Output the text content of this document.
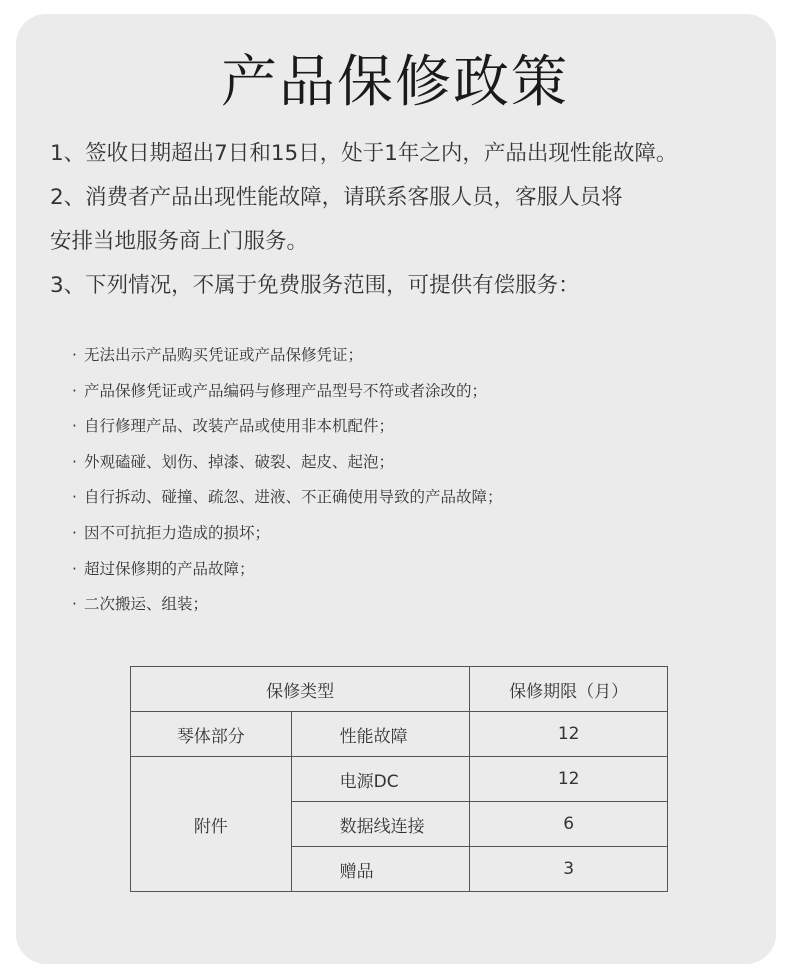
产品保修政策

1、签收日期超出7日和15日，处于1年之内，产品出现性能故障。

2、消费者产品出现性能故障，请联系客服人员，客服人员将

安排当地服务商上门服务。

3、下列情况，不属于免费服务范围，可提供有偿服务：

· 无法出示产品购买凭证或产品保修凭证；
· 产品保修凭证或产品编码与修理产品型号不符或者涂改的；
· 自行修理产品、改装产品或使用非本机配件；
· 外观磕碰、划伤、掉漆、破裂、起皮、起泡；
· 自行拆动、碰撞、疏忽、进液、不正确使用导致的产品故障；
· 因不可抗拒力造成的损坏；
· 超过保修期的产品故障；
· 二次搬运、组装；
保修类型		保修期限（月）
琴体部分	性能故障	12
附件	电源DC	12
	数据线连接	6
	赠品	3
